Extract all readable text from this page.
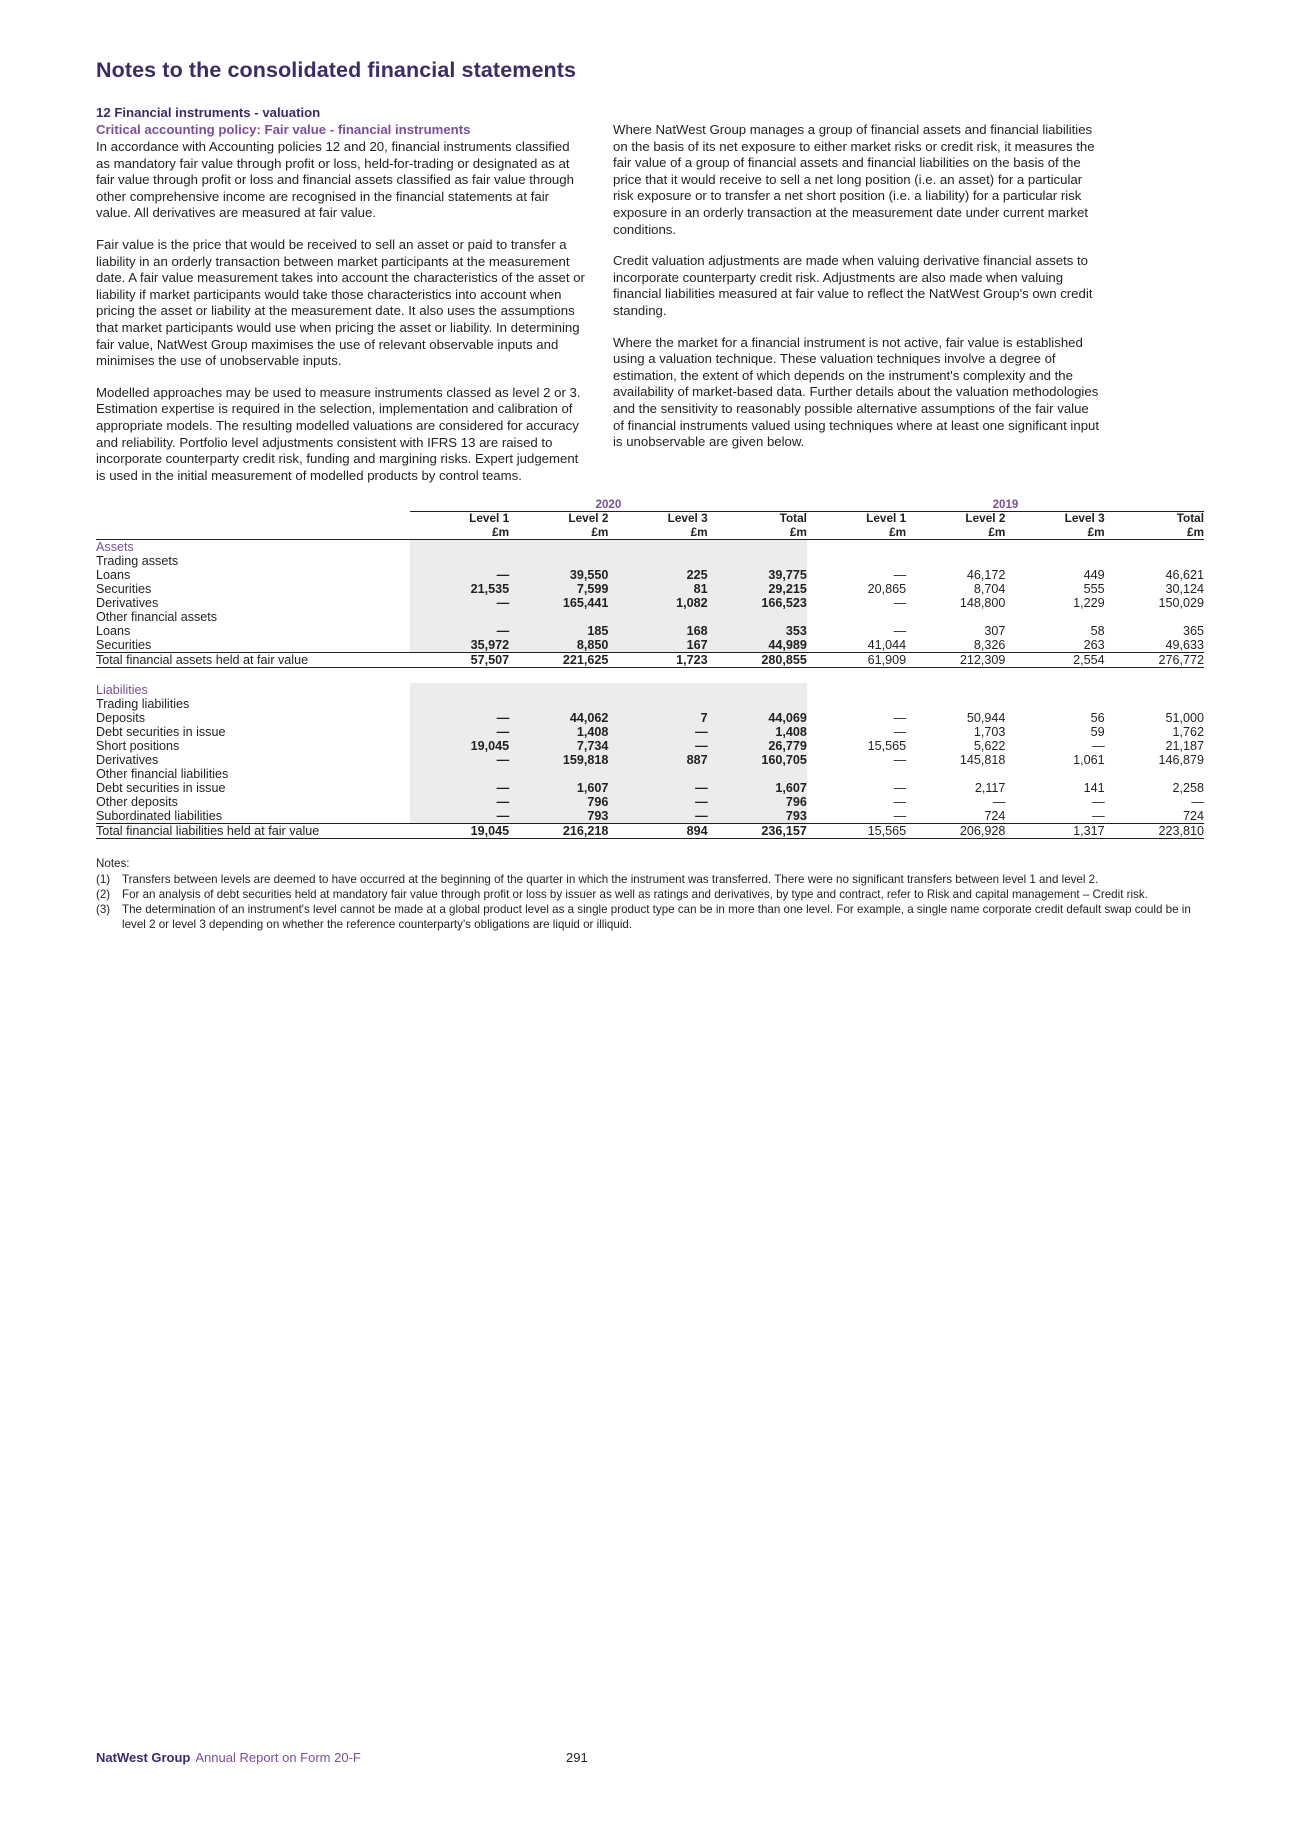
Notes to the consolidated financial statements
12 Financial instruments - valuation
Critical accounting policy: Fair value - financial instruments

In accordance with Accounting policies 12 and 20, financial instruments classified as mandatory fair value through profit or loss, held-for-trading or designated as at fair value through profit or loss and financial assets classified as fair value through other comprehensive income are recognised in the financial statements at fair value. All derivatives are measured at fair value.

Fair value is the price that would be received to sell an asset or paid to transfer a liability in an orderly transaction between market participants at the measurement date. A fair value measurement takes into account the characteristics of the asset or liability if market participants would take those characteristics into account when pricing the asset or liability at the measurement date. It also uses the assumptions that market participants would use when pricing the asset or liability. In determining fair value, NatWest Group maximises the use of relevant observable inputs and minimises the use of unobservable inputs.

Modelled approaches may be used to measure instruments classed as level 2 or 3. Estimation expertise is required in the selection, implementation and calibration of appropriate models. The resulting modelled valuations are considered for accuracy and reliability. Portfolio level adjustments consistent with IFRS 13 are raised to incorporate counterparty credit risk, funding and margining risks. Expert judgement is used in the initial measurement of modelled products by control teams.

Where NatWest Group manages a group of financial assets and financial liabilities on the basis of its net exposure to either market risks or credit risk, it measures the fair value of a group of financial assets and financial liabilities on the basis of the price that it would receive to sell a net long position (i.e. an asset) for a particular risk exposure or to transfer a net short position (i.e. a liability) for a particular risk exposure in an orderly transaction at the measurement date under current market conditions.

Credit valuation adjustments are made when valuing derivative financial assets to incorporate counterparty credit risk. Adjustments are also made when valuing financial liabilities measured at fair value to reflect the NatWest Group's own credit standing.

Where the market for a financial instrument is not active, fair value is established using a valuation technique. These valuation techniques involve a degree of estimation, the extent of which depends on the instrument's complexity and the availability of market-based data. Further details about the valuation methodologies and the sensitivity to reasonably possible alternative assumptions of the fair value of financial instruments valued using techniques where at least one significant input is unobservable are given below.

	2020				2019			
	Level 1	Level 2	Level 3	Total	Level 1	Level 2	Level 3	Total
	£m	£m	£m	£m	£m	£m	£m	£m
Assets								
Trading assets								
Loans	—	39,550	225	39,775	—	46,172	449	46,621
Securities	21,535	7,599	81	29,215	20,865	8,704	555	30,124
Derivatives	—	165,441	1,082	166,523	—	148,800	1,229	150,029
Other financial assets								
Loans	—	185	168	353	—	307	58	365
Securities	35,972	8,850	167	44,989	41,044	8,326	263	49,633
Total financial assets held at fair value	57,507	221,625	1,723	280,855	61,909	212,309	2,554	276,772

Liabilities								
Trading liabilities								
Deposits	—	44,062	7	44,069	—	50,944	56	51,000
Debt securities in issue	—	1,408	—	1,408	—	1,703	59	1,762
Short positions	19,045	7,734	—	26,779	15,565	5,622	—	21,187
Derivatives	—	159,818	887	160,705	—	145,818	1,061	146,879
Other financial liabilities								
Debt securities in issue	—	1,607	—	1,607	—	2,117	141	2,258
Other deposits	—	796	—	796	—	—	—	—
Subordinated liabilities	—	793	—	793	—	724	—	724
Total financial liabilities held at fair value	19,045	216,218	894	236,157	15,565	206,928	1,317	223,810
Notes:
(1)	Transfers between levels are deemed to have occurred at the beginning of the quarter in which the instrument was transferred. There were no significant transfers between level 1 and level 2.
(2)	For an analysis of debt securities held at mandatory fair value through profit or loss by issuer as well as ratings and derivatives, by type and contract, refer to Risk and capital management – Credit risk.
(3)	The determination of an instrument's level cannot be made at a global product level as a single product type can be in more than one level. For example, a single name corporate credit default swap could be in level 2 or level 3 depending on whether the reference counterparty's obligations are liquid or illiquid.
NatWest Group Annual Report on Form 20-F	291
